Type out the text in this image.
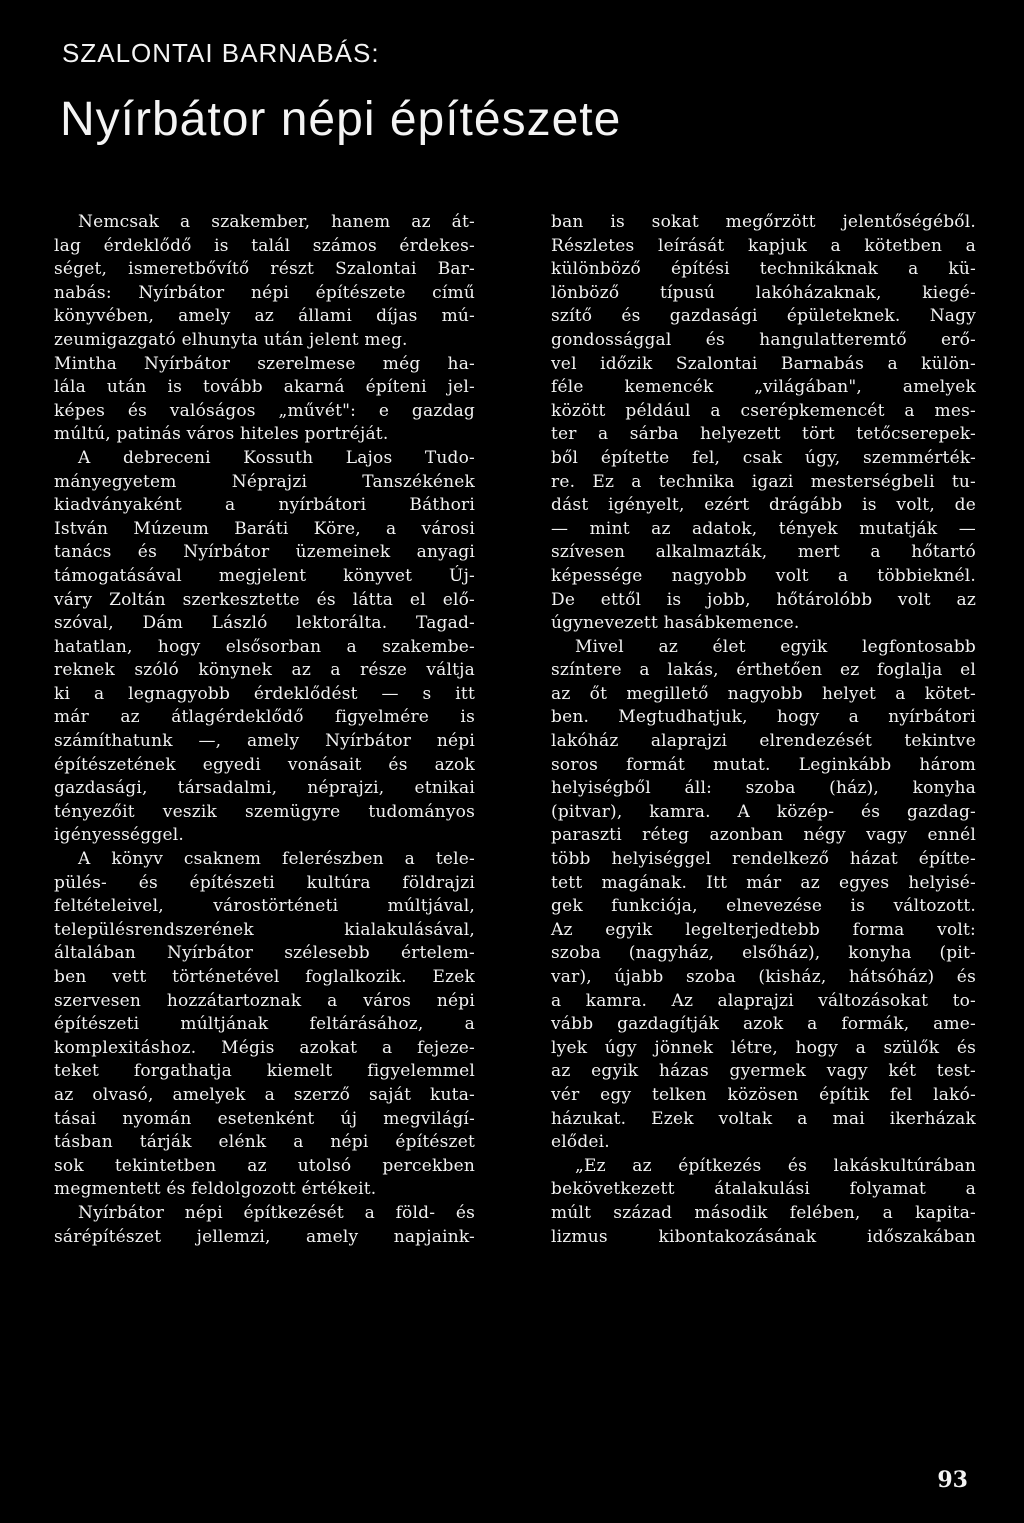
SZALONTAI BARNABÁS:
Nyírbátor népi építészete
Nemcsak a szakember, hanem az át-
lag érdeklődő is talál számos érdekes-
séget, ismeretbővítő részt Szalontai Bar-
nabás: Nyírbátor népi építészete című
könyvében, amely az állami díjas mú-
zeumigazgató elhunyta után jelent meg.
Mintha Nyírbátor szerelmese még ha-
lála után is tovább akarná építeni jel-
képes és valóságos „művét": e gazdag
múltú, patinás város hiteles portréját.
A debreceni Kossuth Lajos Tudo-
mányegyetem Néprajzi Tanszékének
kiadványaként a nyírbátori Báthori
István Múzeum Baráti Köre, a városi
tanács és Nyírbátor üzemeinek anyagi
támogatásával megjelent könyvet Új-
váry Zoltán szerkesztette és látta el elő-
szóval, Dám László lektorálta. Tagad-
hatatlan, hogy elsősorban a szakembe-
reknek szóló könynek az a része váltja
ki a legnagyobb érdeklődést — s itt
már az átlagérdeklődő figyelmére is
számíthatunk —, amely Nyírbátor népi
építészetének egyedi vonásait és azok
gazdasági, társadalmi, néprajzi, etnikai
tényezőit veszik szemügyre tudományos
igényességgel.
A könyv csaknem felerészben a tele-
pülés- és építészeti kultúra földrajzi
feltételeivel, várostörténeti múltjával,
településrendszerének kialakulásával,
általában Nyírbátor szélesebb értelem-
ben vett történetével foglalkozik. Ezek
szervesen hozzátartoznak a város népi
építészeti múltjának feltárásához, a
komplexitáshoz. Mégis azokat a fejeze-
teket forgathatja kiemelt figyelemmel
az olvasó, amelyek a szerző saját kuta-
tásai nyomán esetenként új megvilágí-
tásban tárják elénk a népi építészet
sok tekintetben az utolsó percekben
megmentett és feldolgozott értékeit.
Nyírbátor népi építkezését a föld- és
sárépítészet jellemzi, amely napjaink-
ban is sokat megőrzött jelentőségéből.
Részletes leírását kapjuk a kötetben a
különböző építési technikáknak a kü-
lönböző típusú lakóházaknak, kiegé-
szítő és gazdasági épületeknek. Nagy
gondossággal és hangulatteremtő erő-
vel időzik Szalontai Barnabás a külön-
féle kemencék „világában", amelyek
között például a cserépkemencét a mes-
ter a sárba helyezett tört tetőcserepek-
ből építette fel, csak úgy, szemmérték-
re. Ez a technika igazi mesterségbeli tu-
dást igényelt, ezért drágább is volt, de
— mint az adatok, tények mutatják —
szívesen alkalmazták, mert a hőtartó
képessége nagyobb volt a többieknél.
De ettől is jobb, hőtárolóbb volt az
úgynevezett hasábkemence.
Mivel az élet egyik legfontosabb
színtere a lakás, érthetően ez foglalja el
az őt megillető nagyobb helyet a kötet-
ben. Megtudhatjuk, hogy a nyírbátori
lakóház alaprajzi elrendezését tekintve
soros formát mutat. Leginkább három
helyiségből áll: szoba (ház), konyha
(pitvar), kamra. A közép- és gazdag-
paraszti réteg azonban négy vagy ennél
több helyiséggel rendelkező házat építte-
tett magának. Itt már az egyes helyisé-
gek funkciója, elnevezése is változott.
Az egyik legelterjedtebb forma volt:
szoba (nagyház, elsőház), konyha (pit-
var), újabb szoba (kisház, hátsóház) és
a kamra. Az alaprajzi változásokat to-
vább gazdagítják azok a formák, ame-
lyek úgy jönnek létre, hogy a szülők és
az egyik házas gyermek vagy két test-
vér egy telken közösen építik fel lakó-
házukat. Ezek voltak a mai ikerházak
elődei.
„Ez az építkezés és lakáskultúrában
bekövetkezett átalakulási folyamat a
múlt század második felében, a kapita-
lizmus kibontakozásának időszakában
93
